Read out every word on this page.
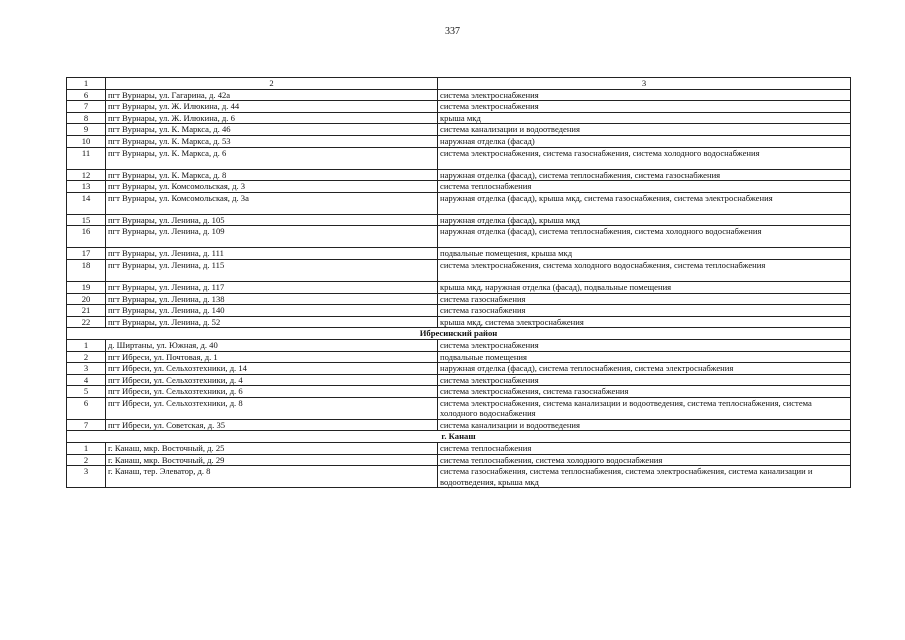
337
1	2	3
6	пгт Вурнары, ул. Гагарина, д. 42а	система электроснабжения
7	пгт Вурнары, ул. Ж. Илюкина, д. 44	система электроснабжения
8	пгт Вурнары, ул. Ж. Илюкина, д. 6	крыша мкд
9	пгт Вурнары, ул. К. Маркса, д. 46	система канализации и водоотведения
10	пгт Вурнары, ул. К. Маркса, д. 53	наружная отделка (фасад)
11	пгт Вурнары, ул. К. Маркса, д. 6	система электроснабжения, система газоснабжения, система холодного водоснабжения
12	пгт Вурнары, ул. К. Маркса, д. 8	наружная отделка (фасад), система теплоснабжения, система газоснабжения
13	пгт Вурнары, ул. Комсомольская, д. 3	система теплоснабжения
14	пгт Вурнары, ул. Комсомольская, д. 3а	наружная отделка (фасад), крыша мкд, система газоснабжения, система электроснабжения
15	пгт Вурнары, ул. Ленина, д. 105	наружная отделка (фасад), крыша мкд
16	пгт Вурнары, ул. Ленина, д. 109	наружная отделка (фасад), система теплоснабжения, система холодного водоснабжения
17	пгт Вурнары, ул. Ленина, д. 111	подвальные помещения, крыша мкд
18	пгт Вурнары, ул. Ленина, д. 115	система электроснабжения, система холодного водоснабжения, система теплоснабжения
19	пгт Вурнары, ул. Ленина, д. 117	крыша мкд, наружная отделка (фасад), подвальные помещения
20	пгт Вурнары, ул. Ленина, д. 138	система газоснабжения
21	пгт Вурнары, ул. Ленина, д. 140	система газоснабжения
22	пгт Вурнары, ул. Ленина, д. 52	крыша мкд, система электроснабжения
Ибресинский район		
1	д. Ширтаны, ул. Южная, д. 40	система электроснабжения
2	пгт Ибреси, ул. Почтовая, д. 1	подвальные помещения
3	пгт Ибреси, ул. Сельхозтехники, д. 14	наружная отделка (фасад), система теплоснабжения, система электроснабжения
4	пгт Ибреси, ул. Сельхозтехники, д. 4	система электроснабжения
5	пгт Ибреси, ул. Сельхозтехники, д. 6	система электроснабжения, система газоснабжения
6	пгт Ибреси, ул. Сельхозтехники, д. 8	система электроснабжения, система канализации и водоотведения, система теплоснабжения, система холодного водоснабжения
7	пгт Ибреси, ул. Советская, д. 35	система канализации и водоотведения
г. Канаш		
1	г. Канаш, мкр. Восточный, д. 25	система теплоснабжения
2	г. Канаш, мкр. Восточный, д. 29	система теплоснабжения, система холодного водоснабжения
3	г. Канаш, тер. Элеватор, д. 8	система газоснабжения, система теплоснабжения, система электроснабжения, система канализации и водоотведения, крыша мкд
